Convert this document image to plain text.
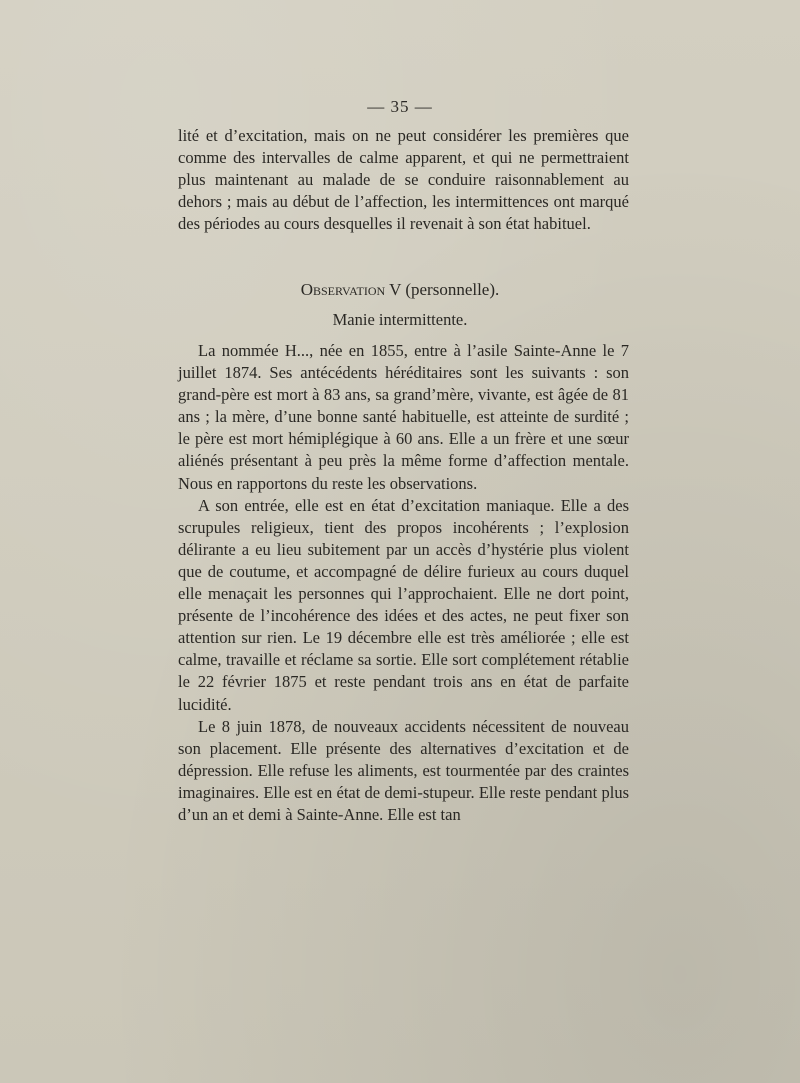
— 35 —

lité et d’excitation, mais on ne peut considérer les premières que comme des intervalles de calme apparent, et qui ne permettraient plus maintenant au malade de se conduire raisonnablement au dehors ; mais au début de l’affection, les intermittences ont marqué des périodes au cours desquelles il revenait à son état habituel.

Observation V (personnelle).
Manie intermittente.

La nommée H..., née en 1855, entre à l’asile Sainte-Anne le 7 juillet 1874. Ses antécédents héréditaires sont les suivants : son grand-père est mort à 83 ans, sa grand’mère, vivante, est âgée de 81 ans ; la mère, d’une bonne santé habituelle, est atteinte de surdité ; le père est mort hémiplégique à 60 ans. Elle a un frère et une sœur aliénés présentant à peu près la même forme d’affection mentale. Nous en rapportons du reste les observations.

A son entrée, elle est en état d’excitation maniaque. Elle a des scrupules religieux, tient des propos incohérents ; l’explosion délirante a eu lieu subitement par un accès d’hystérie plus violent que de coutume, et accompagné de délire furieux au cours duquel elle menaçait les personnes qui l’approchaient. Elle ne dort point, présente de l’incohérence des idées et des actes, ne peut fixer son attention sur rien. Le 19 décembre elle est très améliorée ; elle est calme, travaille et réclame sa sortie. Elle sort complétement rétablie le 22 février 1875 et reste pendant trois ans en état de parfaite lucidité.

Le 8 juin 1878, de nouveaux accidents nécessitent de nouveau son placement. Elle présente des alternatives d’excitation et de dépression. Elle refuse les aliments, est tourmentée par des craintes imaginaires. Elle est en état de demi-stupeur. Elle reste pendant plus d’un an et demi à Sainte-Anne. Elle est tan
